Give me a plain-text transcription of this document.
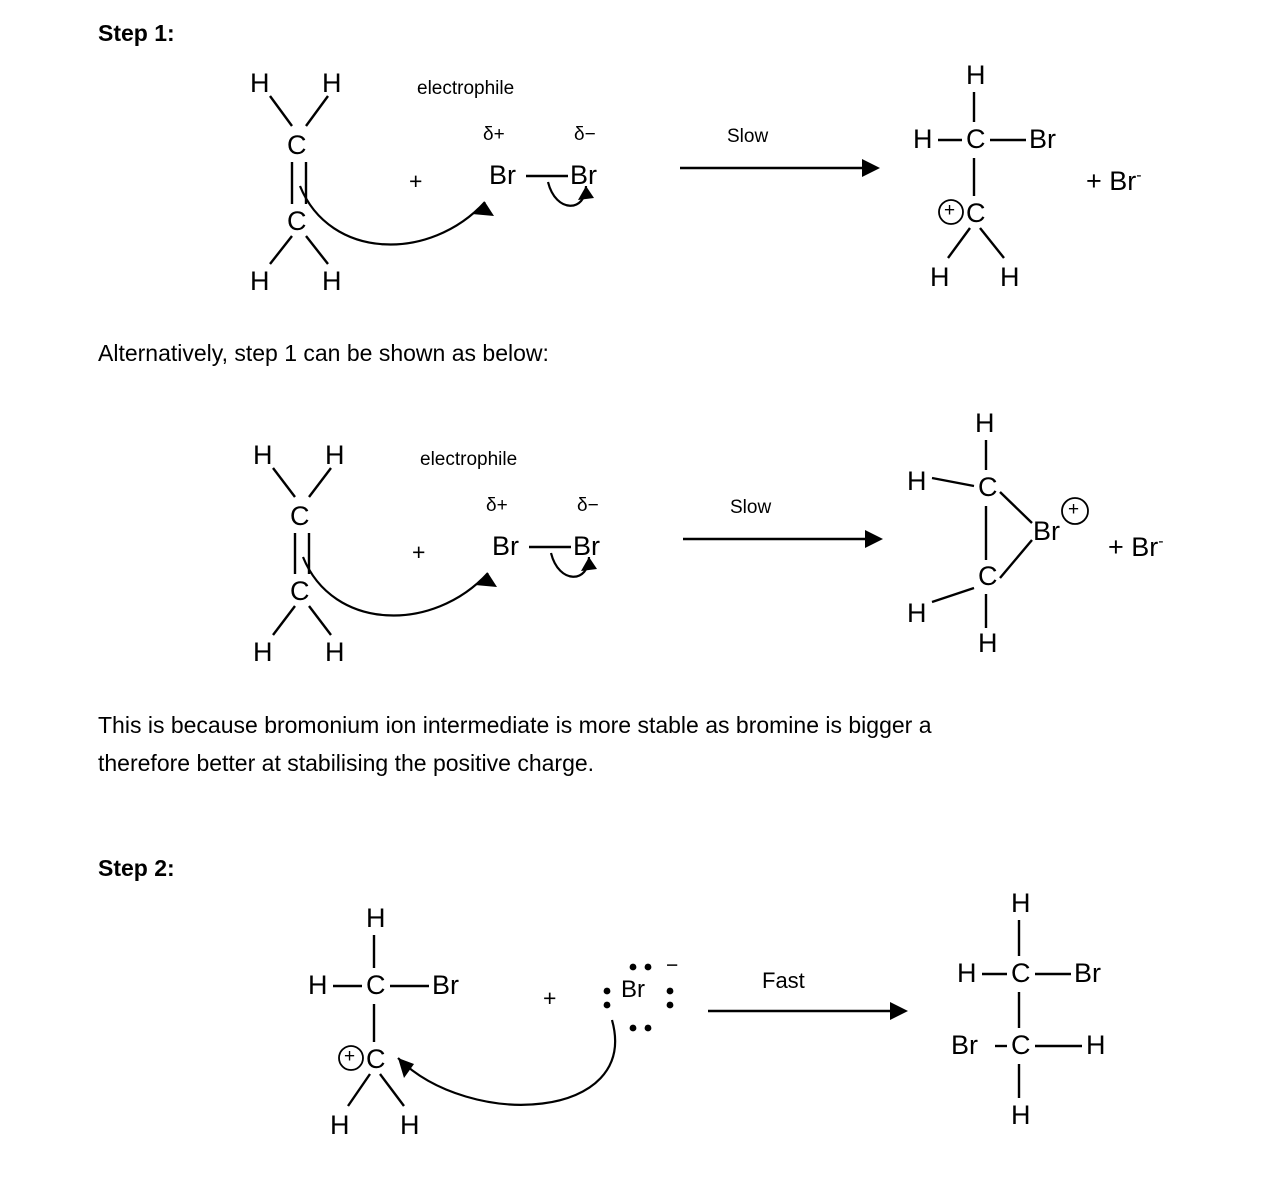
Step 1:
H H
C
C
H H
electrophile
δ+	δ−
+ Br Br
Slow
H
H C Br
C
H H
+
+ Br-
Alternatively, step 1 can be shown as below:
H H
C
C
H H
electrophile
δ+	δ−
+ Br Br
Slow
H
H C
Br
C
H
H
+
+ Br-
This is because bromonium ion intermediate is more stable as bromine is bigger a
therefore better at stabilising the positive charge.
Step 2:
H
H C Br
C
H H
+
+	Br
−
Fast
H
H C Br
Br C H
H
